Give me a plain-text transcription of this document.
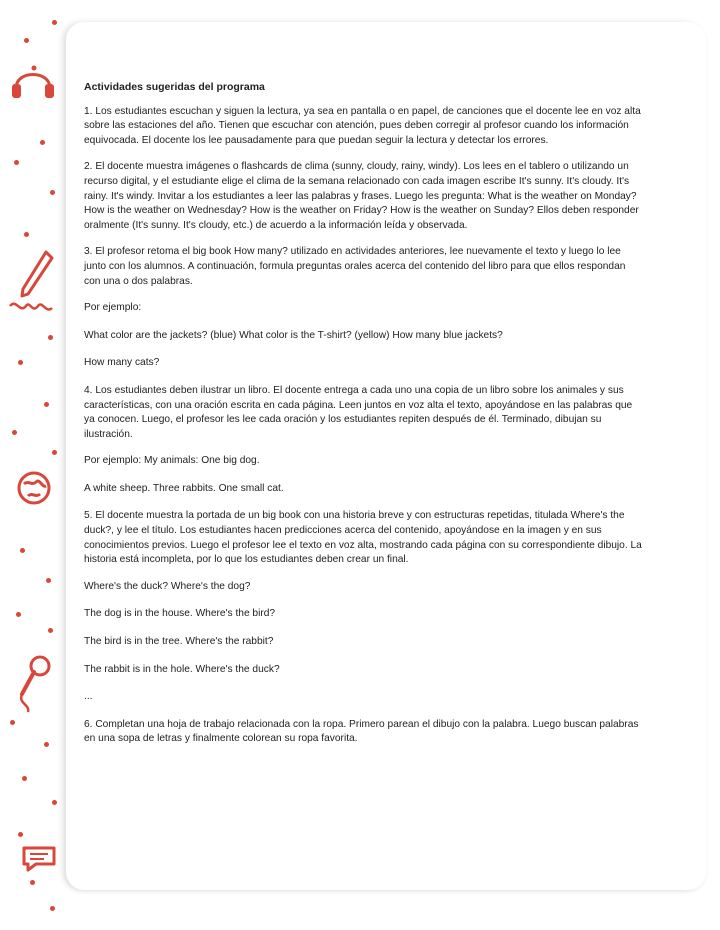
Actividades sugeridas del programa

1. Los estudiantes escuchan y siguen la lectura, ya sea en pantalla o en papel, de canciones que el docente lee en voz alta sobre las estaciones del año. Tienen que escuchar con atención, pues deben corregir al profesor cuando los información equivocada. El docente los lee pausadamente para que puedan seguir la lectura y detectar los errores.

2. El docente muestra imágenes o flashcards de clima (sunny, cloudy, rainy, windy). Los lees en el tablero o utilizando un recurso digital, y el estudiante elige el clima de la semana relacionado con cada imagen escribe It's sunny. It's cloudy. It's rainy. It's windy. Invitar a los estudiantes a leer las palabras y frases. Luego les pregunta: What is the weather on Monday? How is the weather on Wednesday? How is the weather on Friday? How is the weather on Sunday? Ellos deben responder oralmente (It's sunny. It's cloudy, etc.) de acuerdo a la información leída y observada.

3. El profesor retoma el big book How many? utilizado en actividades anteriores, lee nuevamente el texto y luego lo lee junto con los alumnos. A continuación, formula preguntas orales acerca del contenido del libro para que ellos respondan con una o dos palabras.

Por ejemplo:
What color are the jackets? (blue) What color is the T-shirt? (yellow) How many blue jackets?
How many cats?

4. Los estudiantes deben ilustrar un libro. El docente entrega a cada uno una copia de un libro sobre los animales y sus características, con una oración escrita en cada página. Leen juntos en voz alta el texto, apoyándose en las palabras que ya conocen. Luego, el profesor les lee cada oración y los estudiantes repiten después de él. Terminado, dibujan su ilustración.

Por ejemplo: My animals: One big dog.
A white sheep. Three rabbits. One small cat.

5. El docente muestra la portada de un big book con una historia breve y con estructuras repetidas, titulada Where's the duck?, y lee el título. Los estudiantes hacen predicciones acerca del contenido, apoyándose en la imagen y en sus conocimientos previos. Luego el profesor lee el texto en voz alta, mostrando cada página con su correspondiente dibujo. La historia está incompleta, por lo que los estudiantes deben crear un final.

Where's the duck? Where's the dog?
The dog is in the house. Where's the bird?
The bird is in the tree. Where's the rabbit?
The rabbit is in the hole. Where's the duck?
...

6. Completan una hoja de trabajo relacionada con la ropa. Primero parean el dibujo con la palabra. Luego buscan palabras en una sopa de letras y finalmente colorean su ropa favorita.
